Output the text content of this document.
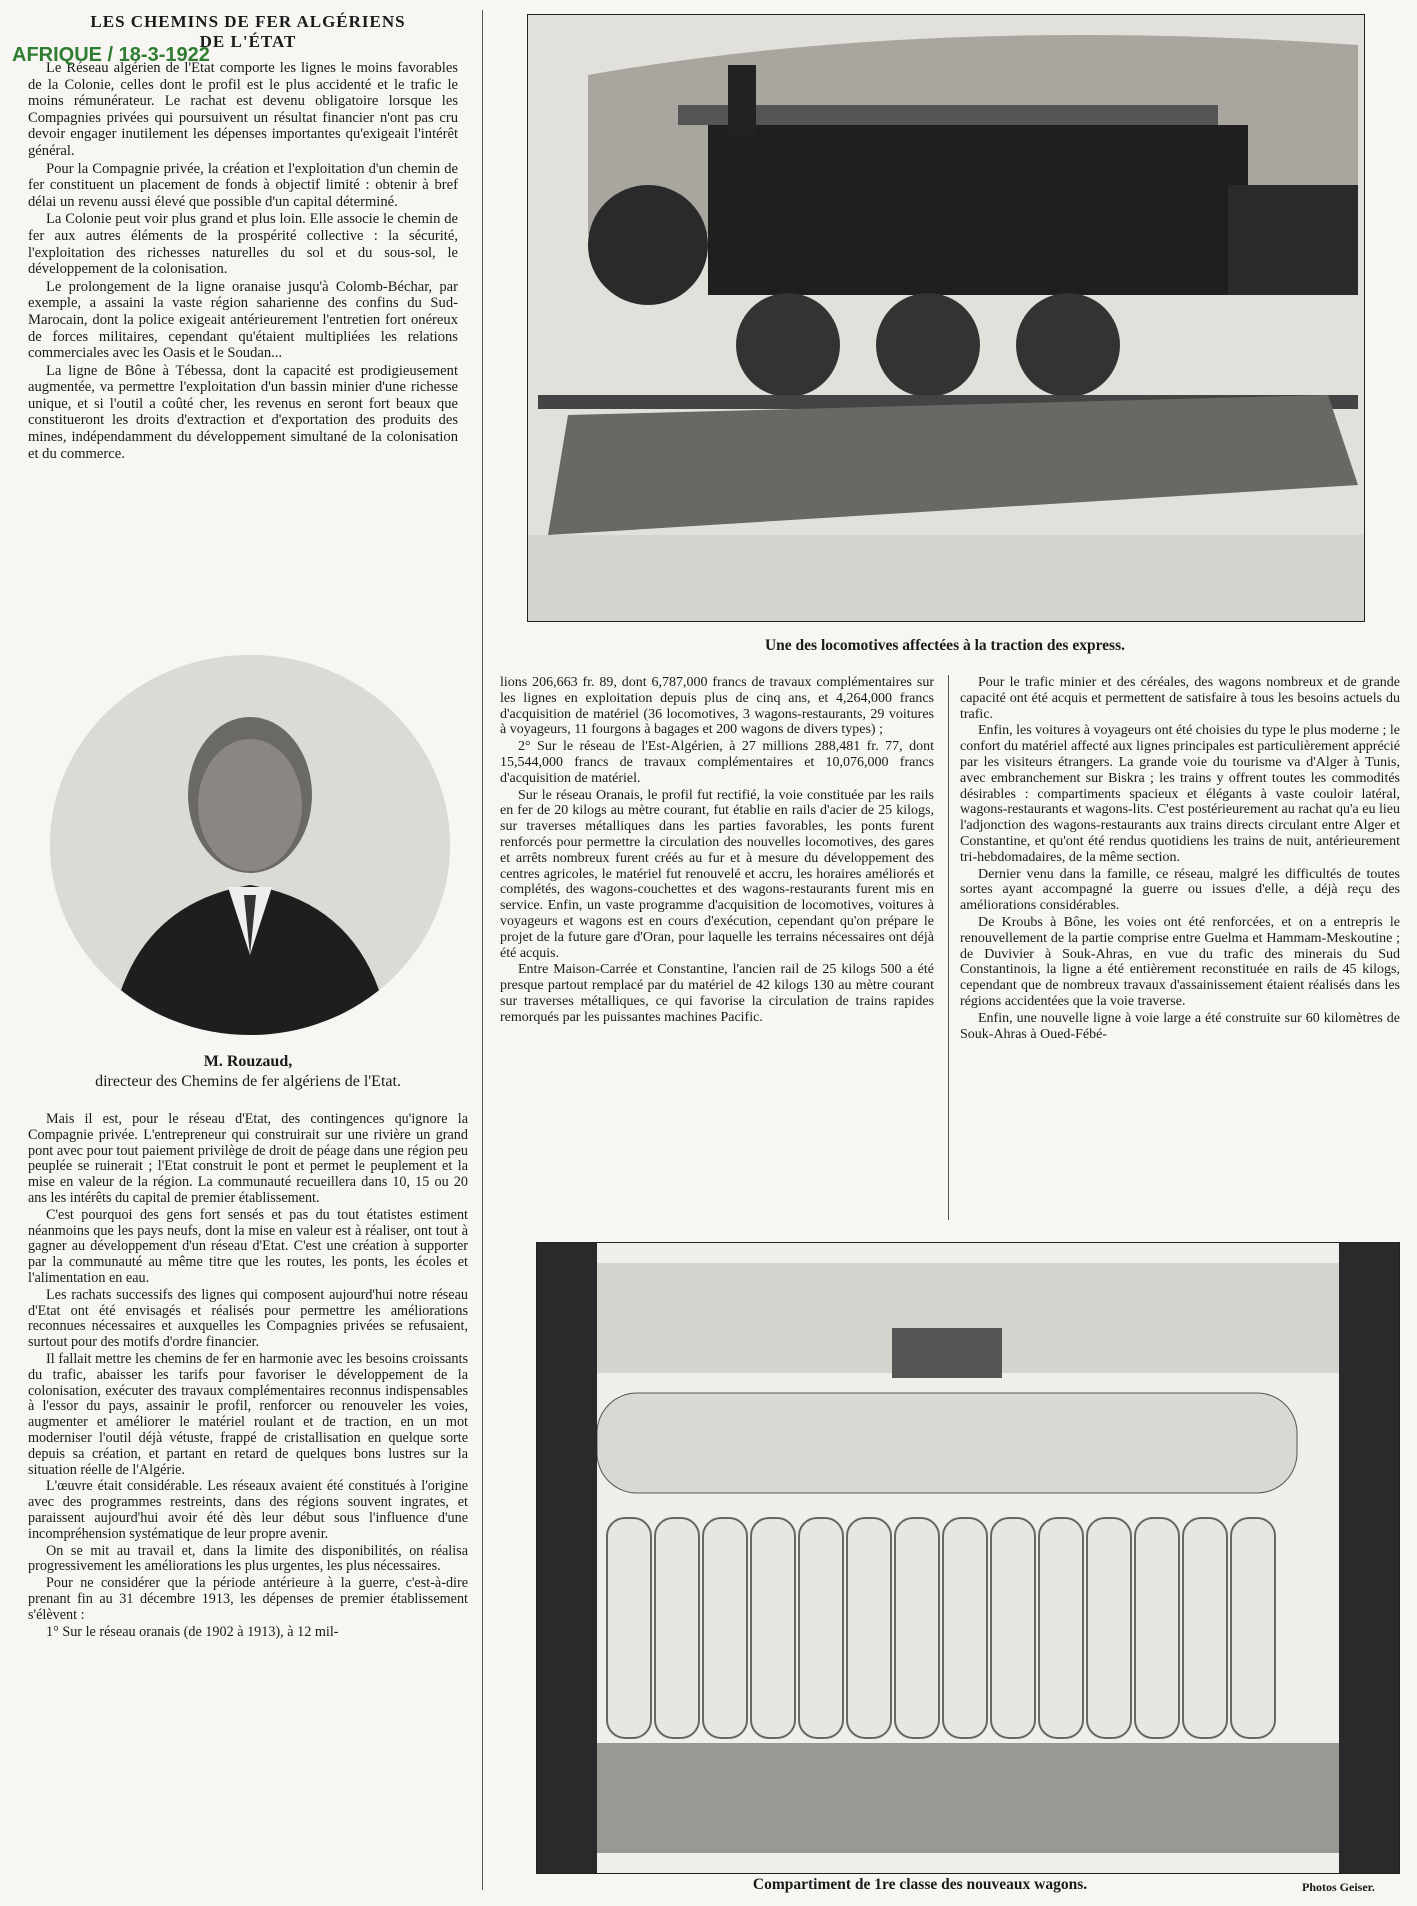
AFRIQUE / 18-3-1922
LES CHEMINS DE FER ALGÉRIENS
DE L'ÉTAT

Le Réseau algérien de l'Etat comporte les lignes le moins favorables de la Colonie, celles dont le profil est le plus accidenté et le trafic le moins rémunérateur. Le rachat est devenu obligatoire lorsque les Compagnies privées qui poursuivent un résultat financier n'ont pas cru devoir engager inutilement les dépenses importantes qu'exigeait l'intérêt général.

Pour la Compagnie privée, la création et l'exploitation d'un chemin de fer constituent un placement de fonds à objectif limité : obtenir à bref délai un revenu aussi élevé que possible d'un capital déterminé.

La Colonie peut voir plus grand et plus loin. Elle associe le chemin de fer aux autres éléments de la prospérité collective : la sécurité, l'exploitation des richesses naturelles du sol et du sous-sol, le développement de la colonisation.

Le prolongement de la ligne oranaise jusqu'à Colomb-Béchar, par exemple, a assaini la vaste région saharienne des confins du Sud-Marocain, dont la police exigeait antérieurement l'entretien fort onéreux de forces militaires, cependant qu'étaient multipliées les relations commerciales avec les Oasis et le Soudan...

La ligne de Bône à Tébessa, dont la capacité est prodigieusement augmentée, va permettre l'exploitation d'un bassin minier d'une richesse unique, et si l'outil a coûté cher, les revenus en seront fort beaux que constitueront les droits d'extraction et d'exportation des produits des mines, indépendamment du développement simultané de la colonisation et du commerce.

M. Rouzaud,
directeur des Chemins de fer algériens de l'Etat.

Mais il est, pour le réseau d'Etat, des contingences qu'ignore la Compagnie privée. L'entrepreneur qui construirait sur une rivière un grand pont avec pour tout paiement privilège de droit de péage dans une région peu peuplée se ruinerait ; l'Etat construit le pont et permet le peuplement et la mise en valeur de la région. La communauté recueillera dans 10, 15 ou 20 ans les intérêts du capital de premier établissement.

C'est pourquoi des gens fort sensés et pas du tout étatistes estiment néanmoins que les pays neufs, dont la mise en valeur est à réaliser, ont tout à gagner au développement d'un réseau d'Etat. C'est une création à supporter par la communauté au même titre que les routes, les ponts, les écoles et l'alimentation en eau.

Les rachats successifs des lignes qui composent aujourd'hui notre réseau d'Etat ont été envisagés et réalisés pour permettre les améliorations reconnues nécessaires et auxquelles les Compagnies privées se refusaient, surtout pour des motifs d'ordre financier.

Il fallait mettre les chemins de fer en harmonie avec les besoins croissants du trafic, abaisser les tarifs pour favoriser le développement de la colonisation, exécuter des travaux complémentaires reconnus indispensables à l'essor du pays, assainir le profil, renforcer ou renouveler les voies, augmenter et améliorer le matériel roulant et de traction, en un mot moderniser l'outil déjà vétuste, frappé de cristallisation en quelque sorte depuis sa création, et partant en retard de quelques bons lustres sur la situation réelle de l'Algérie.

L'œuvre était considérable. Les réseaux avaient été constitués à l'origine avec des programmes restreints, dans des régions souvent ingrates, et paraissent aujourd'hui avoir été dès leur début sous l'influence d'une incompréhension systématique de leur propre avenir.

On se mit au travail et, dans la limite des disponibilités, on réalisa progressivement les améliorations les plus urgentes, les plus nécessaires.

Pour ne considérer que la période antérieure à la guerre, c'est-à-dire prenant fin au 31 décembre 1913, les dépenses de premier établissement s'élèvent :

1° Sur le réseau oranais (de 1902 à 1913), à 12 mil-

Une des locomotives affectées à la traction des express.

lions 206,663 fr. 89, dont 6,787,000 francs de travaux complémentaires sur les lignes en exploitation depuis plus de cinq ans, et 4,264,000 francs d'acquisition de matériel (36 locomotives, 3 wagons-restaurants, 29 voitures à voyageurs, 11 fourgons à bagages et 200 wagons de divers types) ;

2° Sur le réseau de l'Est-Algérien, à 27 millions 288,481 fr. 77, dont 15,544,000 francs de travaux complémentaires et 10,076,000 francs d'acquisition de matériel.

Sur le réseau Oranais, le profil fut rectifié, la voie constituée par les rails en fer de 20 kilogs au mètre courant, fut établie en rails d'acier de 25 kilogs, sur traverses métalliques dans les parties favorables, les ponts furent renforcés pour permettre la circulation des nouvelles locomotives, des gares et arrêts nombreux furent créés au fur et à mesure du développement des centres agricoles, le matériel fut renouvelé et accru, les horaires améliorés et complétés, des wagons-couchettes et des wagons-restaurants furent mis en service. Enfin, un vaste programme d'acquisition de locomotives, voitures à voyageurs et wagons est en cours d'exécution, cependant qu'on prépare le projet de la future gare d'Oran, pour laquelle les terrains nécessaires ont déjà été acquis.

Entre Maison-Carrée et Constantine, l'ancien rail de 25 kilogs 500 a été presque partout remplacé par du matériel de 42 kilogs 130 au mètre courant sur traverses métalliques, ce qui favorise la circulation de trains rapides remorqués par les puissantes machines Pacific.

Pour le trafic minier et des céréales, des wagons nombreux et de grande capacité ont été acquis et permettent de satisfaire à tous les besoins actuels du trafic.

Enfin, les voitures à voyageurs ont été choisies du type le plus moderne ; le confort du matériel affecté aux lignes principales est particulièrement apprécié par les visiteurs étrangers. La grande voie du tourisme va d'Alger à Tunis, avec embranchement sur Biskra ; les trains y offrent toutes les commodités désirables : compartiments spacieux et élégants à vaste couloir latéral, wagons-restaurants et wagons-lits. C'est postérieurement au rachat qu'a eu lieu l'adjonction des wagons-restaurants aux trains directs circulant entre Alger et Constantine, et qu'ont été rendus quotidiens les trains de nuit, antérieurement tri-hebdomadaires, de la même section.

Dernier venu dans la famille, ce réseau, malgré les difficultés de toutes sortes ayant accompagné la guerre ou issues d'elle, a déjà reçu des améliorations considérables.

De Kroubs à Bône, les voies ont été renforcées, et on a entrepris le renouvellement de la partie comprise entre Guelma et Hammam-Meskoutine ; de Duvivier à Souk-Ahras, en vue du trafic des minerais du Sud Constantinois, la ligne a été entièrement reconstituée en rails de 45 kilogs, cependant que de nombreux travaux d'assainissement étaient réalisés dans les régions accidentées que la voie traverse.

Enfin, une nouvelle ligne à voie large a été construite sur 60 kilomètres de Souk-Ahras à Oued-Fébé-

Compartiment de 1re classe des nouveaux wagons.	Photos Geiser.
